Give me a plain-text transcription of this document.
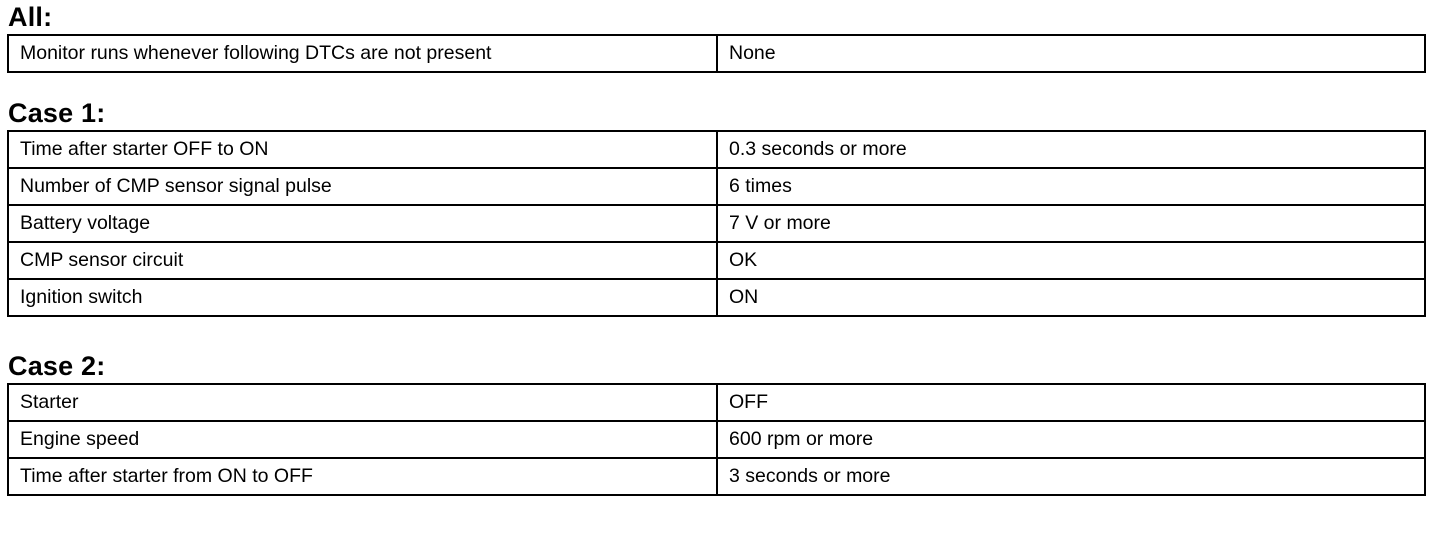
All:
Monitor runs whenever following DTCs are not present	None
Case 1:
Time after starter OFF to ON	0.3 seconds or more
Number of CMP sensor signal pulse	6 times
Battery voltage	7 V or more
CMP sensor circuit	OK
Ignition switch	ON
Case 2:
Starter	OFF
Engine speed	600 rpm or more
Time after starter from ON to OFF	3 seconds or more
